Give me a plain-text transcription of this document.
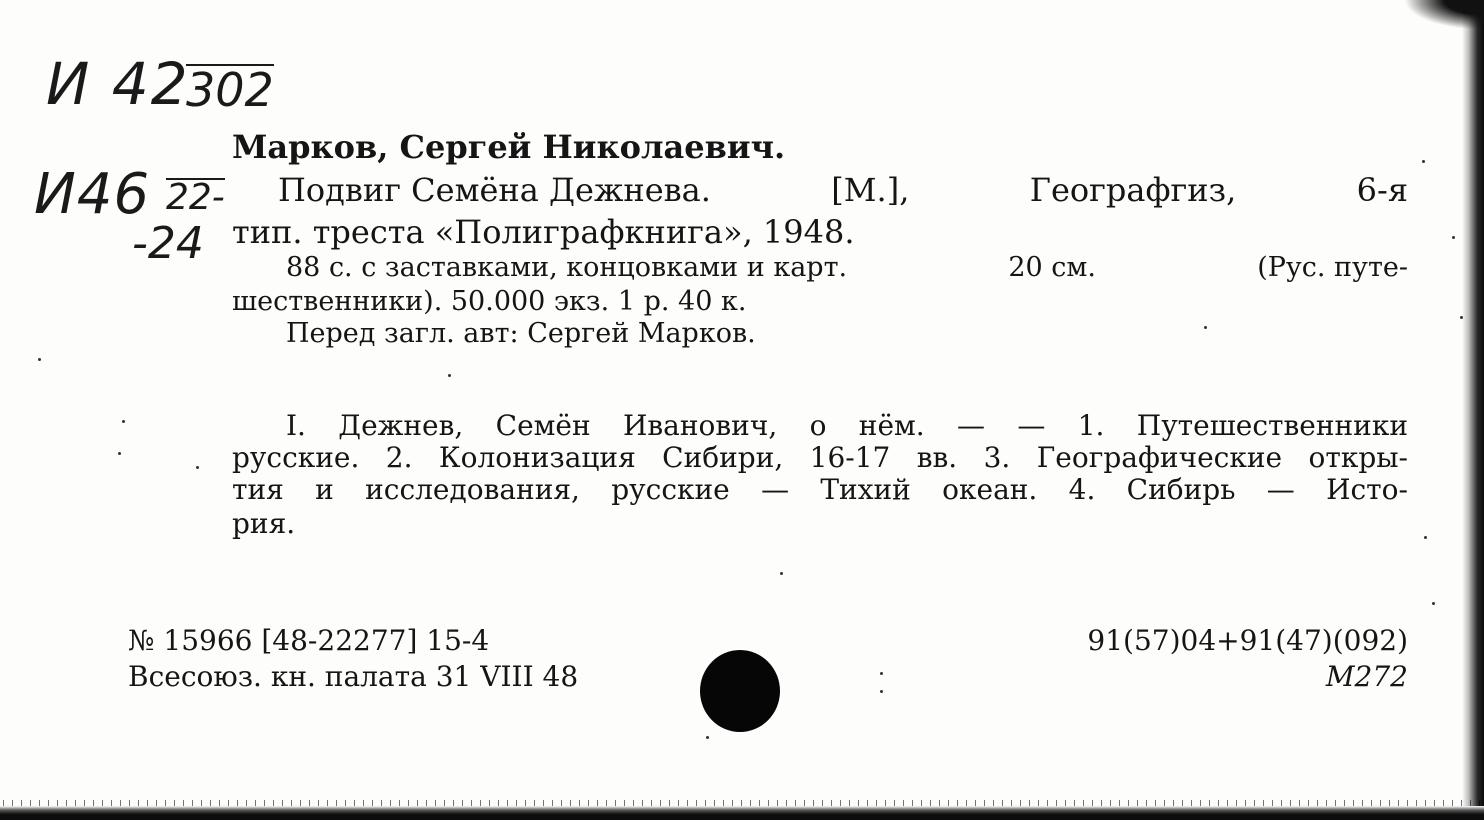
И 42
302
И46 22-
-24
Марков, Сергей Николаевич.
Подвиг Семёна Дежнева.	[М.],	Географгиз,	6-я
тип. треста «Полиграфкнига», 1948.
88 с. с заставками, концовками и карт.	20 см.	(Рус. путе-
шественники). 50.000 экз. 1 р. 40 к.
Перед загл. авт: Сергей Марков.
I. Дежнев, Семён Иванович, о нём. — — 1. Путешественники
русские. 2. Колонизация Сибири, 16-17 вв. 3. Географические откры-
тия и исследования, русские — Тихий океан. 4. Сибирь — Исто-
рия.
№ 15966 [48-22277] 15-4
Всесоюз. кн. палата 31 VIII 48
91(57)04+91(47)(092)
М272
